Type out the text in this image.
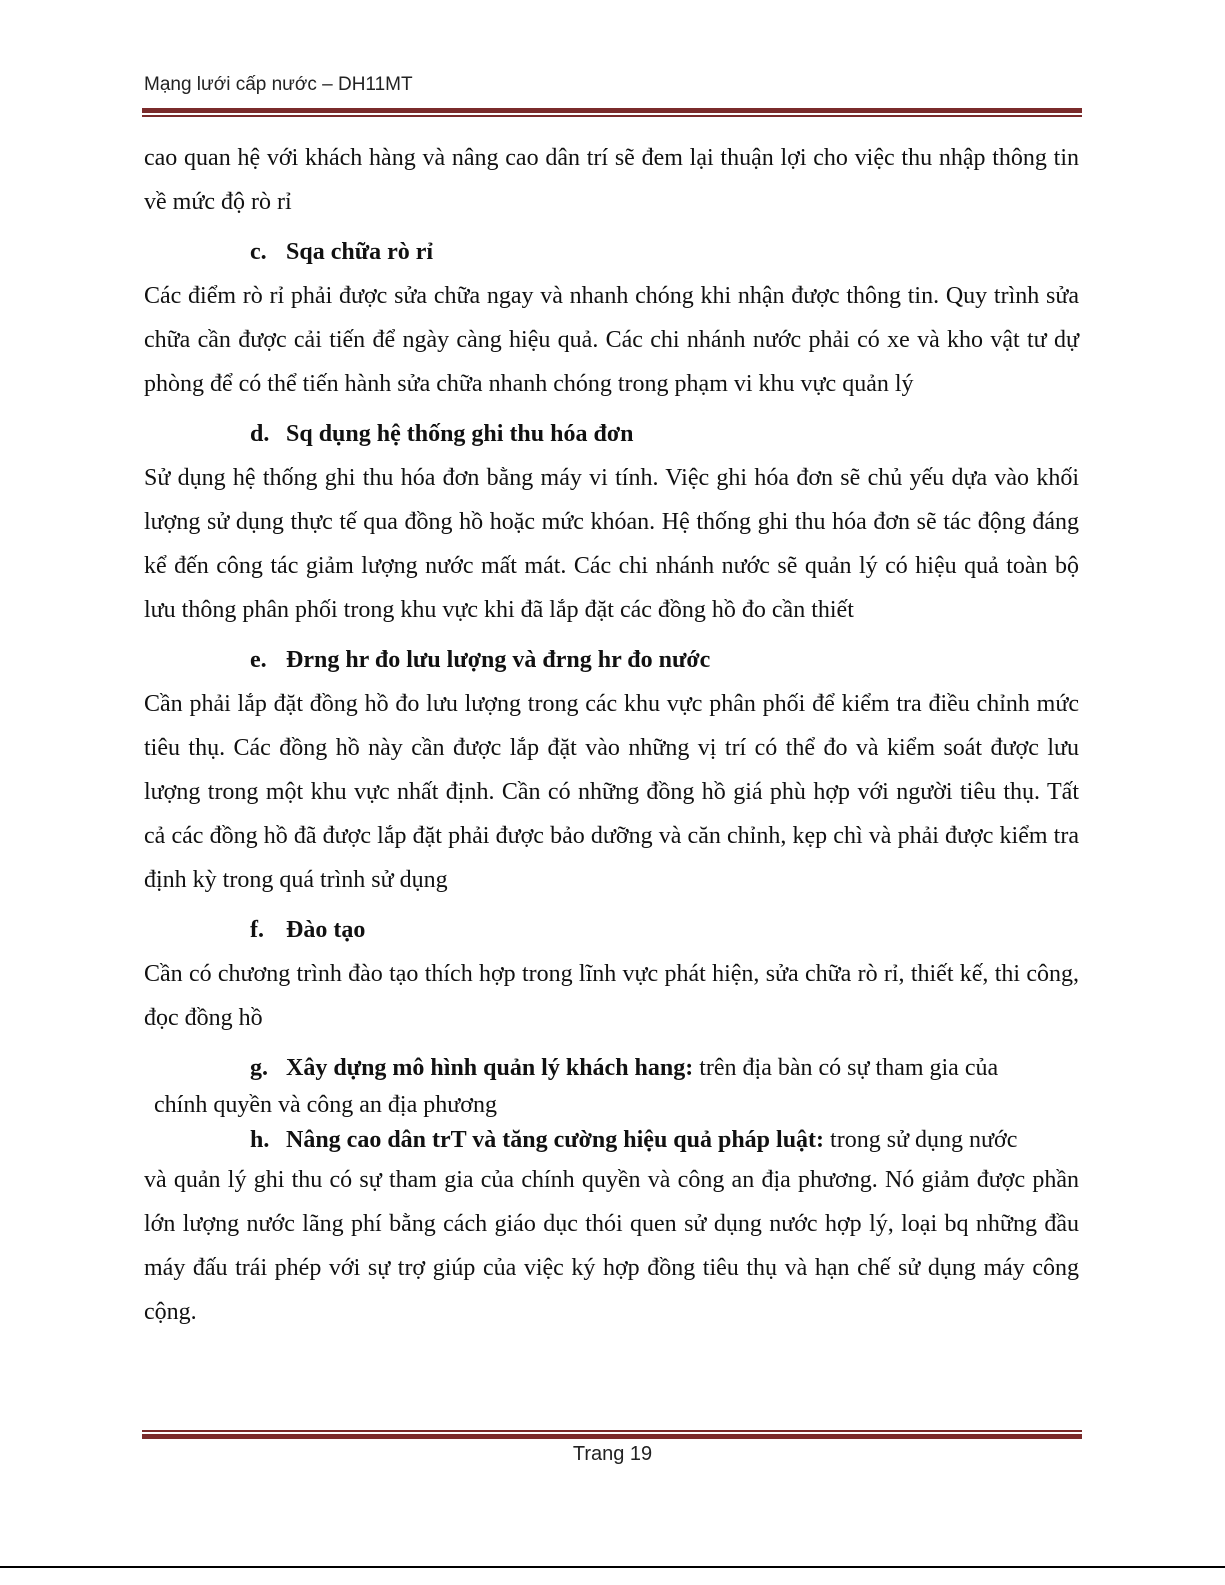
Mạng lưới cấp nước – DH11MT

cao quan hệ với khách hàng và nâng cao dân trí sẽ đem lại thuận lợi cho việc thu nhập thông tin về mức độ rò rỉ

c. Sqa chữa rò rỉ

Các điểm rò rỉ phải được sửa chữa ngay và nhanh chóng khi nhận được thông tin. Quy trình sửa chữa cần được cải tiến để ngày càng hiệu quả. Các chi nhánh nước phải có xe và kho vật tư dự phòng để có thể tiến hành sửa chữa nhanh chóng trong phạm vi khu vực quản lý

d. Sq dụng hệ thống ghi thu hóa đơn

Sử dụng hệ thống ghi thu hóa đơn bằng máy vi tính. Việc ghi hóa đơn sẽ chủ yếu dựa vào khối lượng sử dụng thực tế qua đồng hồ hoặc mức khóan. Hệ thống ghi thu hóa đơn sẽ tác động đáng kể đến công tác giảm lượng nước mất mát. Các chi nhánh nước sẽ quản lý có hiệu quả toàn bộ lưu thông phân phối trong khu vực khi đã lắp đặt các đồng hồ đo cần thiết

e. Đrng hr đo lưu lượng và đrng hr đo nước

Cần phải lắp đặt đồng hồ đo lưu lượng trong các khu vực phân phối để kiểm tra điều chỉnh mức tiêu thụ. Các đồng hồ này cần được lắp đặt vào những vị trí có thể đo và kiểm soát được lưu lượng trong một khu vực nhất định. Cần có những đồng hồ giá phù hợp với người tiêu thụ. Tất cả các đồng hồ đã được lắp đặt phải được bảo dưỡng và căn chỉnh, kẹp chì và phải được kiểm tra định kỳ trong quá trình sử dụng

f. Đào tạo

Cần có chương trình đào tạo thích hợp trong lĩnh vực phát hiện, sửa chữa rò rỉ, thiết kế, thi công, đọc đồng hồ

g. Xây dựng mô hình quản lý khách hang: trên địa bàn có sự tham gia của
chính quyền và công an địa phương

h. Nâng cao dân trT và tăng cường hiệu quả pháp luật: trong sử dụng nước
và quản lý ghi thu có sự tham gia của chính quyền và công an địa phương. Nó giảm được phần lớn lượng nước lãng phí bằng cách giáo dục thói quen sử dụng nước hợp lý, loại bq những đầu máy đấu trái phép với sự trợ giúp của việc ký hợp đồng tiêu thụ và hạn chế sử dụng máy công cộng.

Trang 19
